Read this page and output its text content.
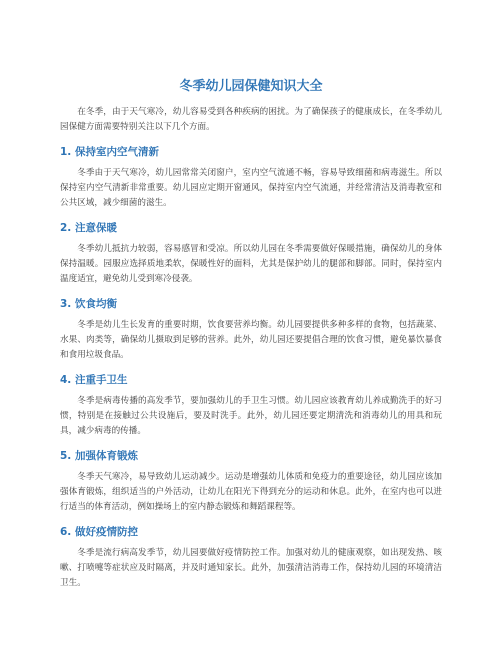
冬季幼儿园保健知识大全

在冬季，由于天气寒冷，幼儿容易受到各种疾病的困扰。为了确保孩子的健康成长，在冬季幼儿园保健方面需要特别关注以下几个方面。

1. 保持室内空气清新

冬季由于天气寒冷，幼儿园常常关闭窗户，室内空气流通不畅，容易导致细菌和病毒滋生。所以保持室内空气清新非常重要。幼儿园应定期开窗通风，保持室内空气流通，并经常清洁及消毒教室和公共区域，减少细菌的滋生。

2. 注意保暖

冬季幼儿抵抗力较弱，容易感冒和受凉。所以幼儿园在冬季需要做好保暖措施，确保幼儿的身体保持温暖。园服应选择质地柔软，保暖性好的面料，尤其是保护幼儿的腿部和脚部。同时，保持室内温度适宜，避免幼儿受到寒冷侵袭。

3. 饮食均衡

冬季是幼儿生长发育的重要时期，饮食要营养均衡。幼儿园要提供多种多样的食物，包括蔬菜、水果、肉类等，确保幼儿摄取到足够的营养。此外，幼儿园还要提倡合理的饮食习惯，避免暴饮暴食和食用垃圾食品。

4. 注重手卫生

冬季是病毒传播的高发季节，要加强幼儿的手卫生习惯。幼儿园应该教育幼儿养成勤洗手的好习惯，特别是在接触过公共设施后，要及时洗手。此外，幼儿园还要定期清洗和消毒幼儿的用具和玩具，减少病毒的传播。

5. 加强体育锻炼

冬季天气寒冷，易导致幼儿运动减少。运动是增强幼儿体质和免疫力的重要途径，幼儿园应该加强体育锻炼，组织适当的户外活动，让幼儿在阳光下得到充分的运动和休息。此外，在室内也可以进行适当的体育活动，例如操场上的室内静态锻炼和舞蹈课程等。

6. 做好疫情防控

冬季是流行病高发季节，幼儿园要做好疫情防控工作。加强对幼儿的健康观察，如出现发热、咳嗽、打喷嚏等症状应及时隔离，并及时通知家长。此外，加强清洁消毒工作，保持幼儿园的环境清洁卫生。
